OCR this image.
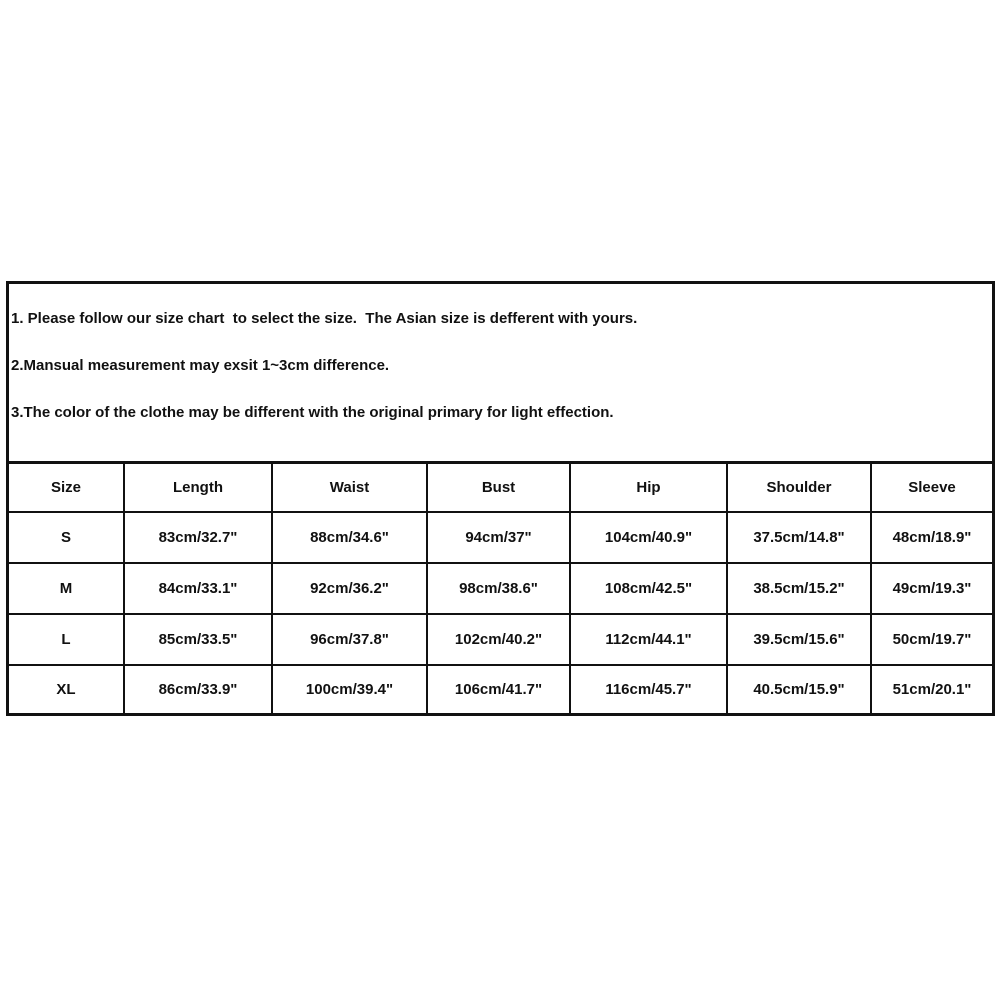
1. Please follow our size chart  to select the size.  The Asian size is defferent with yours.
2.Mansual measurement may exsit 1~3cm difference.
3.The color of the clothe may be different with the original primary for light effection.
Size	Length	Waist	Bust	Hip	Shoulder	Sleeve
S	83cm/32.7"	88cm/34.6"	94cm/37"	104cm/40.9"	37.5cm/14.8"	48cm/18.9"
M	84cm/33.1"	92cm/36.2"	98cm/38.6"	108cm/42.5"	38.5cm/15.2"	49cm/19.3"
L	85cm/33.5"	96cm/37.8"	102cm/40.2"	112cm/44.1"	39.5cm/15.6"	50cm/19.7"
XL	86cm/33.9"	100cm/39.4"	106cm/41.7"	116cm/45.7"	40.5cm/15.9"	51cm/20.1"
